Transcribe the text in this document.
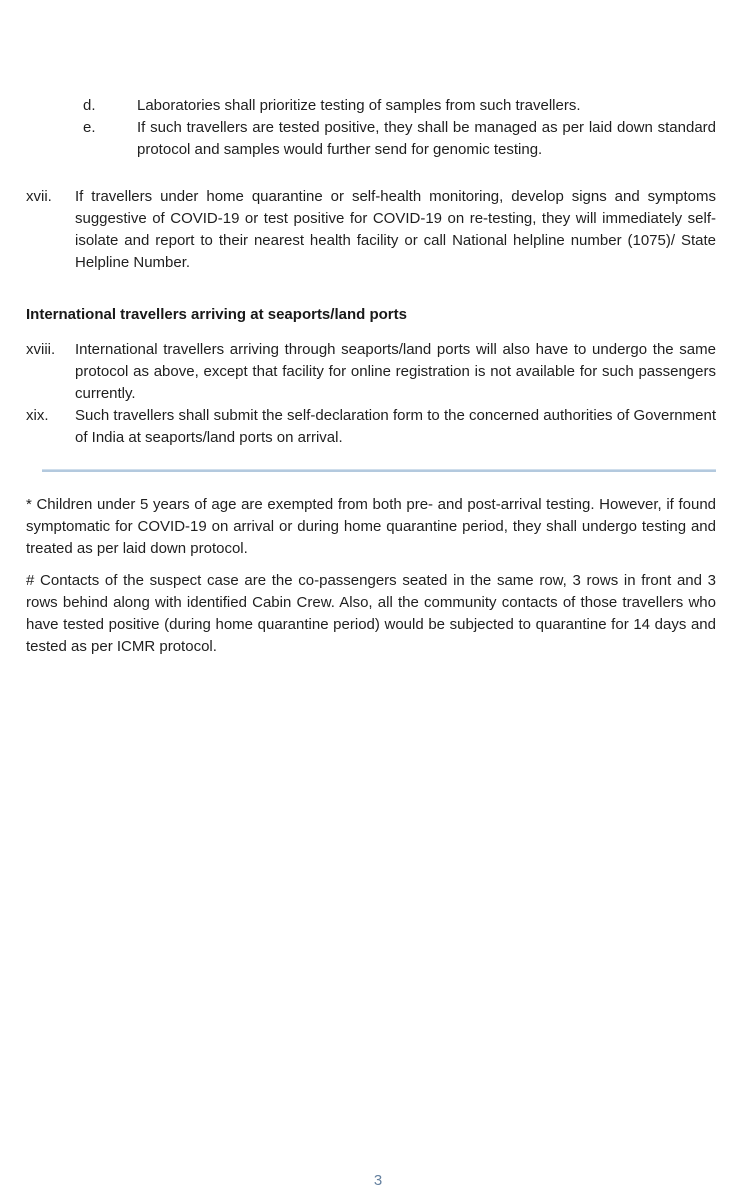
d.	Laboratories shall prioritize testing of samples from such travellers.

e.	If such travellers are tested positive, they shall be managed as per laid down standard protocol and samples would further send for genomic testing.

xvii.	If travellers under home quarantine or self-health monitoring, develop signs and symptoms suggestive of COVID-19 or test positive for COVID-19 on re-testing, they will immediately self-isolate and report to their nearest health facility or call National helpline number (1075)/ State Helpline Number.

International travellers arriving at seaports/land ports
xviii.	International travellers arriving through seaports/land ports will also have to undergo the same protocol as above, except that facility for online registration is not available for such passengers currently.

xix.	Such travellers shall submit the self-declaration form to the concerned authorities of Government of India at seaports/land ports on arrival.

* Children under 5 years of age are exempted from both pre- and post-arrival testing. However, if found symptomatic for COVID-19 on arrival or during home quarantine period, they shall undergo testing and treated as per laid down protocol.

# Contacts of the suspect case are the co-passengers seated in the same row, 3 rows in front and 3 rows behind along with identified Cabin Crew. Also, all the community contacts of those travellers who have tested positive (during home quarantine period) would be subjected to quarantine for 14 days and tested as per ICMR protocol.

3
